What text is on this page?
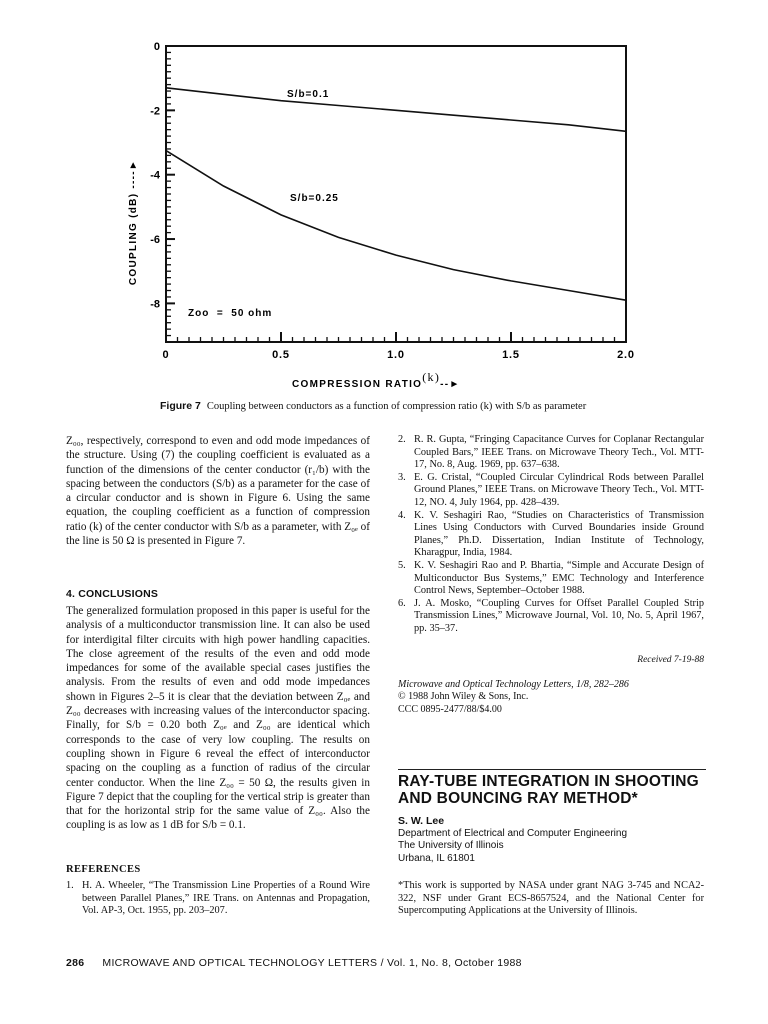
0
-2
-4
-6
-8
0	0.5	1.0	1.5	2.0
S/b=0.1
S/b=0.25
Zoo  =  50 ohm
COUPLING (dB) ----►
COMPRESSION RATIO(k)--►
Figure 7 Coupling between conductors as a function of compression ratio (k) with S/b as parameter

Z₀₀, respectively, correspond to even and odd mode impedances of the structure. Using (7) the coupling coefficient is evaluated as a function of the dimensions of the center conductor (r₁/b) with the spacing between the conductors (S/b) as a parameter for the case of a circular conductor and is shown in Figure 6. Using the same equation, the coupling coefficient as a function of compression ratio (k) of the center conductor with S/b as a parameter, with Z₀ₑ of the line is 50 Ω is presented in Figure 7.

4. CONCLUSIONS

The generalized formulation proposed in this paper is useful for the analysis of a multiconductor transmission line. It can also be used for interdigital filter circuits with high power handling capacities. The close agreement of the results of the even and odd mode impedances for some of the available special cases justifies the analysis. From the results of even and odd mode impedances shown in Figures 2–5 it is clear that the deviation between Z₀ₑ and Z₀₀ decreases with increasing values of the interconductor spacing. Finally, for S/b = 0.20 both Z₀ₑ and Z₀₀ are identical which corresponds to the case of very low coupling. The results on coupling shown in Figure 6 reveal the effect of interconductor spacing on the coupling as a function of radius of the circular center conductor. When the line Z₀₀ = 50 Ω, the results given in Figure 7 depict that the coupling for the vertical strip is greater than that for the horizontal strip for the same value of Z₀₀. Also the coupling is as low as 1 dB for S/b = 0.1.

REFERENCES
1. H. A. Wheeler, “The Transmission Line Properties of a Round Wire between Parallel Planes,” IRE Trans. on Antennas and Propagation, Vol. AP-3, Oct. 1955, pp. 203–207.
2. R. R. Gupta, “Fringing Capacitance Curves for Coplanar Rectangular Coupled Bars,” IEEE Trans. on Microwave Theory Tech., Vol. MTT-17, No. 8, Aug. 1969, pp. 637–638.
3. E. G. Cristal, “Coupled Circular Cylindrical Rods between Parallel Ground Planes,” IEEE Trans. on Microwave Theory Tech., Vol. MTT-12, NO. 4, July 1964, pp. 428–439.
4. K. V. Seshagiri Rao, “Studies on Characteristics of Transmission Lines Using Conductors with Curved Boundaries inside Ground Planes,” Ph.D. Dissertation, Indian Institute of Technology, Kharagpur, India, 1984.
5. K. V. Seshagiri Rao and P. Bhartia, “Simple and Accurate Design of Multiconductor Bus Systems,” EMC Technology and Interference Control News, September–October 1988.
6. J. A. Mosko, “Coupling Curves for Offset Parallel Coupled Strip Transmission Lines,” Microwave Journal, Vol. 10, No. 5, April 1967, pp. 35–37.
Received 7-19-88
Microwave and Optical Technology Letters, 1/8, 282–286
© 1988 John Wiley & Sons, Inc.
CCC 0895-2477/88/$4.00
RAY-TUBE INTEGRATION IN SHOOTING
AND BOUNCING RAY METHOD*
S. W. Lee
Department of Electrical and Computer Engineering
The University of Illinois
Urbana, IL 61801
*This work is supported by NASA under grant NAG 3-745 and NCA2-322, NSF under Grant ECS-8657524, and the National Center for Supercomputing Applications at the University of Illinois.
286 MICROWAVE AND OPTICAL TECHNOLOGY LETTERS / Vol. 1, No. 8, October 1988
